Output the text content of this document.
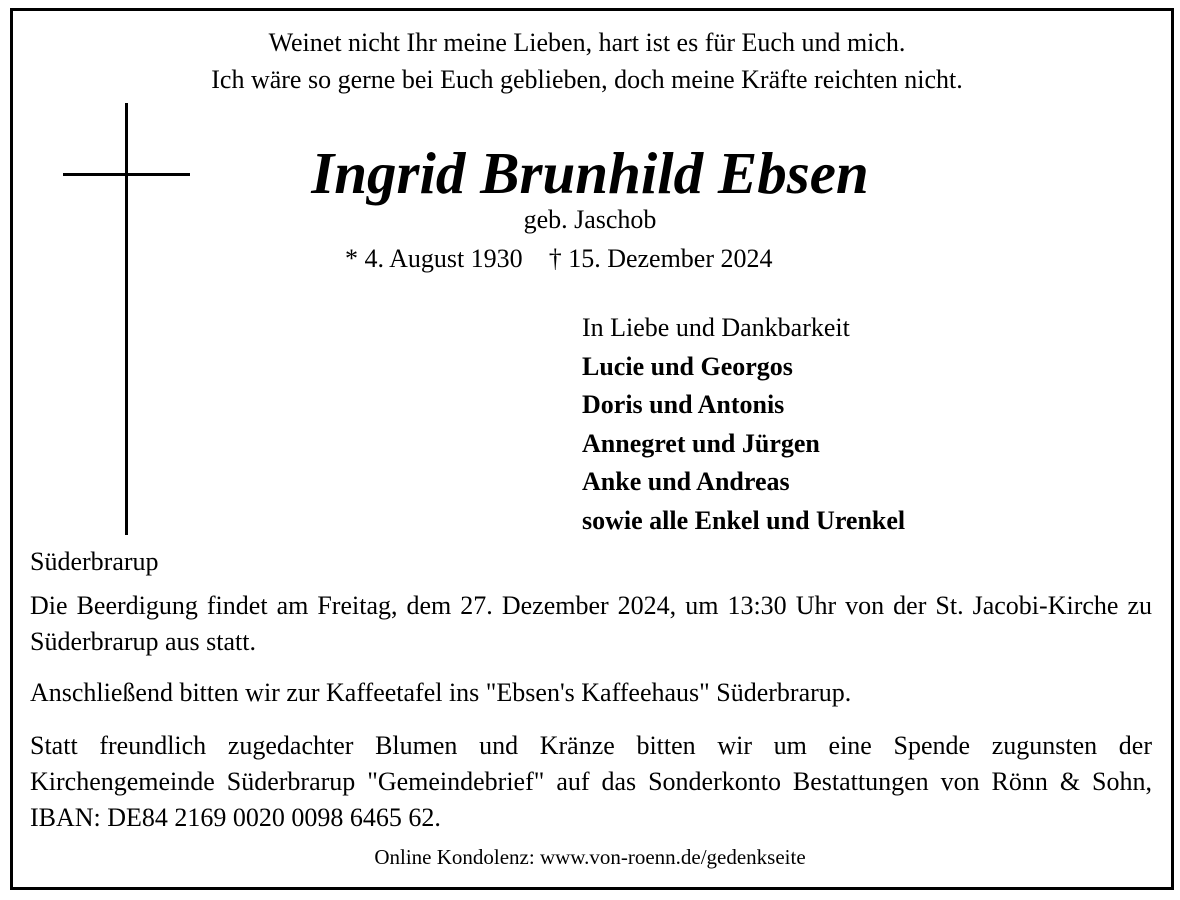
Weinet nicht Ihr meine Lieben, hart ist es für Euch und mich.
Ich wäre so gerne bei Euch geblieben, doch meine Kräfte reichten nicht.
Ingrid Brunhild Ebsen
geb. Jaschob
* 4. August 1930 † 15. Dezember 2024
In Liebe und Dankbarkeit
Lucie und Georgos
Doris und Antonis
Annegret und Jürgen
Anke und Andreas
sowie alle Enkel und Urenkel
Süderbrarup
Die Beerdigung findet am Freitag, dem 27. Dezember 2024, um 13:30 Uhr von der St. Jacobi-Kirche zu Süderbrarup aus statt.
Anschließend bitten wir zur Kaffeetafel ins "Ebsen's Kaffeehaus" Süderbrarup.
Statt freundlich zugedachter Blumen und Kränze bitten wir um eine Spende zugunsten der Kirchengemeinde Süderbrarup "Gemeindebrief" auf das Sonderkonto Bestattungen von Rönn & Sohn, IBAN: DE84 2169 0020 0098 6465 62.
Online Kondolenz: www.von-roenn.de/gedenkseite
